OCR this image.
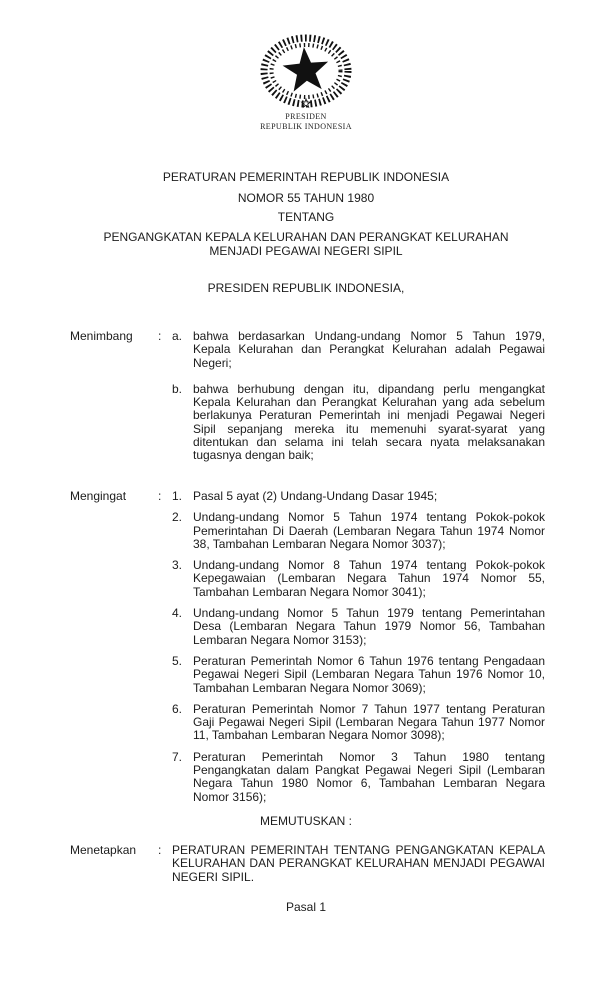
PRESIDEN
REPUBLIK INDONESIA
PERATURAN PEMERINTAH REPUBLIK INDONESIA
NOMOR 55 TAHUN 1980
TENTANG
PENGANGKATAN KEPALA KELURAHAN DAN PERANGKAT KELURAHAN
MENJADI PEGAWAI NEGERI SIPIL
PRESIDEN REPUBLIK INDONESIA,
Menimbang	: a. bahwa berdasarkan Undang-undang Nomor 5 Tahun 1979, Kepala Kelurahan dan Perangkat Kelurahan adalah Pegawai Negeri;
b. bahwa berhubung dengan itu, dipandang perlu mengangkat Kepala Kelurahan dan Perangkat Kelurahan yang ada sebelum berlakunya Peraturan Pemerintah ini menjadi Pegawai Negeri Sipil sepanjang mereka itu memenuhi syarat-syarat yang ditentukan dan selama ini telah secara nyata melaksanakan tugasnya dengan baik;
Mengingat	: 1. Pasal 5 ayat (2) Undang-Undang Dasar 1945;
2. Undang-undang Nomor 5 Tahun 1974 tentang Pokok-pokok Pemerintahan Di Daerah (Lembaran Negara Tahun 1974 Nomor 38, Tambahan Lembaran Negara Nomor 3037);
3. Undang-undang Nomor 8 Tahun 1974 tentang Pokok-pokok Kepegawaian (Lembaran Negara Tahun 1974 Nomor 55, Tambahan Lembaran Negara Nomor 3041);
4. Undang-undang Nomor 5 Tahun 1979 tentang Pemerintahan Desa (Lembaran Negara Tahun 1979 Nomor 56, Tambahan Lembaran Negara Nomor 3153);
5. Peraturan Pemerintah Nomor 6 Tahun 1976 tentang Pengadaan Pegawai Negeri Sipil (Lembaran Negara Tahun 1976 Nomor 10, Tambahan Lembaran Negara Nomor 3069);
6. Peraturan Pemerintah Nomor 7 Tahun 1977 tentang Peraturan Gaji Pegawai Negeri Sipil (Lembaran Negara Tahun 1977 Nomor 11, Tambahan Lembaran Negara Nomor 3098);
7. Peraturan Pemerintah Nomor 3 Tahun 1980 tentang Pengangkatan dalam Pangkat Pegawai Negeri Sipil (Lembaran Negara Tahun 1980 Nomor 6, Tambahan Lembaran Negara Nomor 3156);
MEMUTUSKAN :
Menetapkan	: PERATURAN PEMERINTAH TENTANG PENGANGKATAN KEPALA KELURAHAN DAN PERANGKAT KELURAHAN MENJADI PEGAWAI NEGERI SIPIL.
Pasal 1
